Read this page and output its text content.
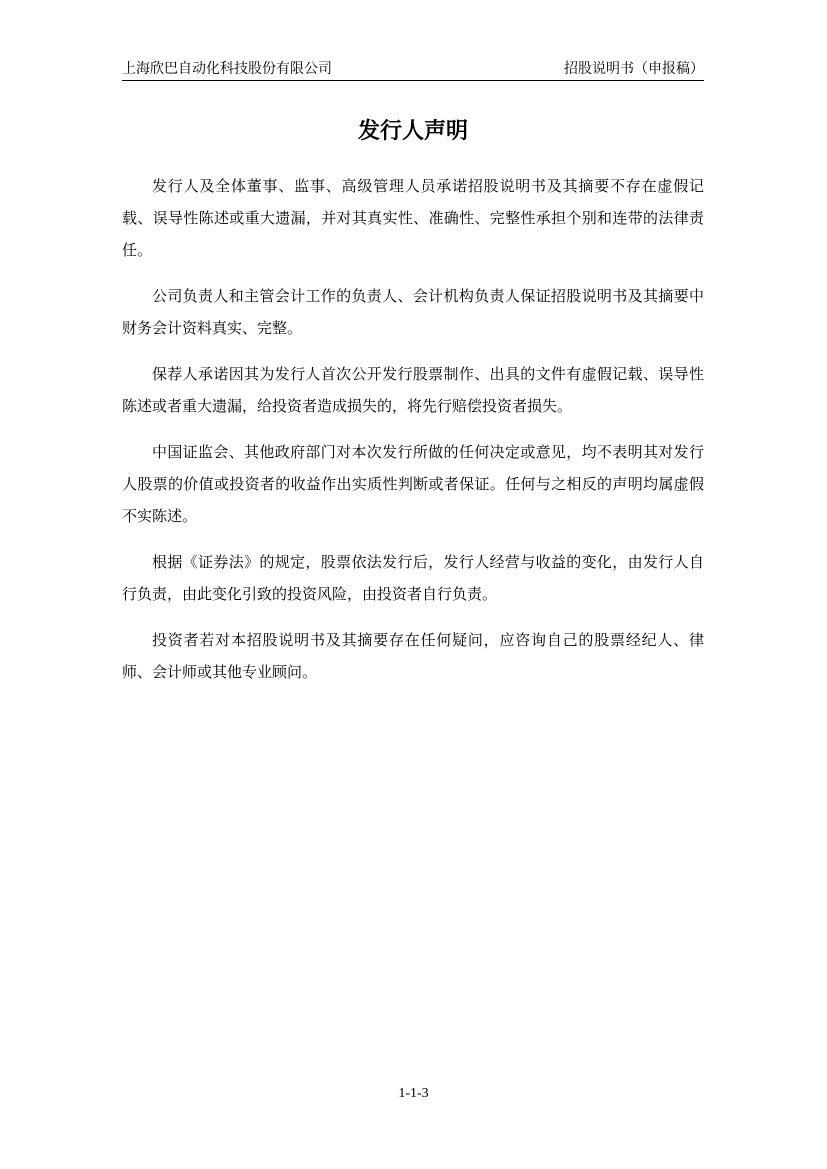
上海欣巴自动化科技股份有限公司	招股说明书（申报稿）
发行人声明

发行人及全体董事、监事、高级管理人员承诺招股说明书及其摘要不存在虚假记载、误导性陈述或重大遗漏，并对其真实性、准确性、完整性承担个别和连带的法律责任。

公司负责人和主管会计工作的负责人、会计机构负责人保证招股说明书及其摘要中财务会计资料真实、完整。

保荐人承诺因其为发行人首次公开发行股票制作、出具的文件有虚假记载、误导性陈述或者重大遗漏，给投资者造成损失的，将先行赔偿投资者损失。

中国证监会、其他政府部门对本次发行所做的任何决定或意见，均不表明其对发行人股票的价值或投资者的收益作出实质性判断或者保证。任何与之相反的声明均属虚假不实陈述。

根据《证券法》的规定，股票依法发行后，发行人经营与收益的变化，由发行人自行负责，由此变化引致的投资风险，由投资者自行负责。

投资者若对本招股说明书及其摘要存在任何疑问，应咨询自己的股票经纪人、律师、会计师或其他专业顾问。

1-1-3
